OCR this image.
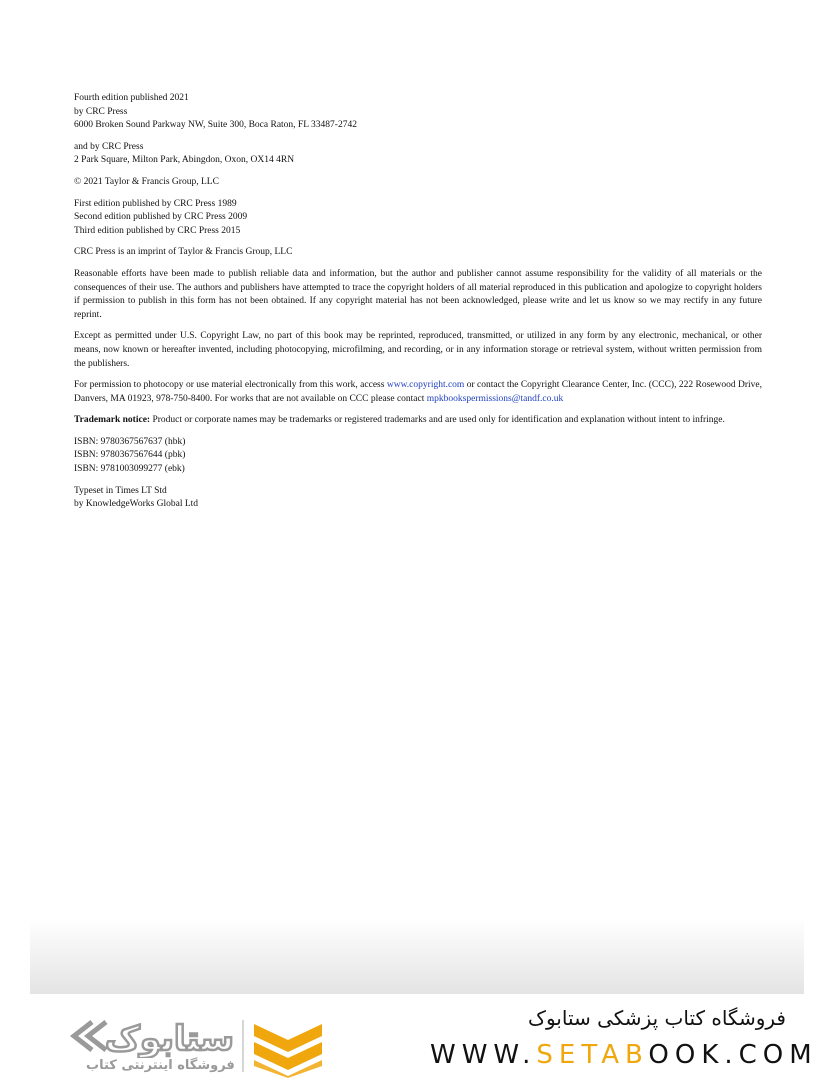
Fourth edition published 2021
by CRC Press
6000 Broken Sound Parkway NW, Suite 300, Boca Raton, FL 33487-2742

and by CRC Press
2 Park Square, Milton Park, Abingdon, Oxon, OX14 4RN

© 2021 Taylor & Francis Group, LLC

First edition published by CRC Press 1989
Second edition published by CRC Press 2009
Third edition published by CRC Press 2015

CRC Press is an imprint of Taylor & Francis Group, LLC

Reasonable efforts have been made to publish reliable data and information, but the author and publisher cannot assume responsibility for the validity of all materials or the consequences of their use. The authors and publishers have attempted to trace the copyright holders of all material reproduced in this publication and apologize to copyright holders if permission to publish in this form has not been obtained. If any copyright material has not been acknowledged, please write and let us know so we may rectify in any future reprint.

Except as permitted under U.S. Copyright Law, no part of this book may be reprinted, reproduced, transmitted, or utilized in any form by any electronic, mechanical, or other means, now known or hereafter invented, including photocopying, microfilming, and recording, or in any information storage or retrieval system, without written permission from the publishers.

For permission to photocopy or use material electronically from this work, access www.copyright.com or contact the Copyright Clearance Center, Inc. (CCC), 222 Rosewood Drive, Danvers, MA 01923, 978-750-8400. For works that are not available on CCC please contact mpkbookspermissions@tandf.co.uk

Trademark notice: Product or corporate names may be trademarks or registered trademarks and are used only for identification and explanation without intent to infringe.

ISBN: 9780367567637 (hbk)
ISBN: 9780367567644 (pbk)
ISBN: 9781003099277 (ebk)

Typeset in Times LT Std
by KnowledgeWorks Global Ltd

ستابوک
فروشگاه اینترنتی کتاب
فروشگاه کتاب پزشکی ستابوک
WWW.SETABOOK.COM
